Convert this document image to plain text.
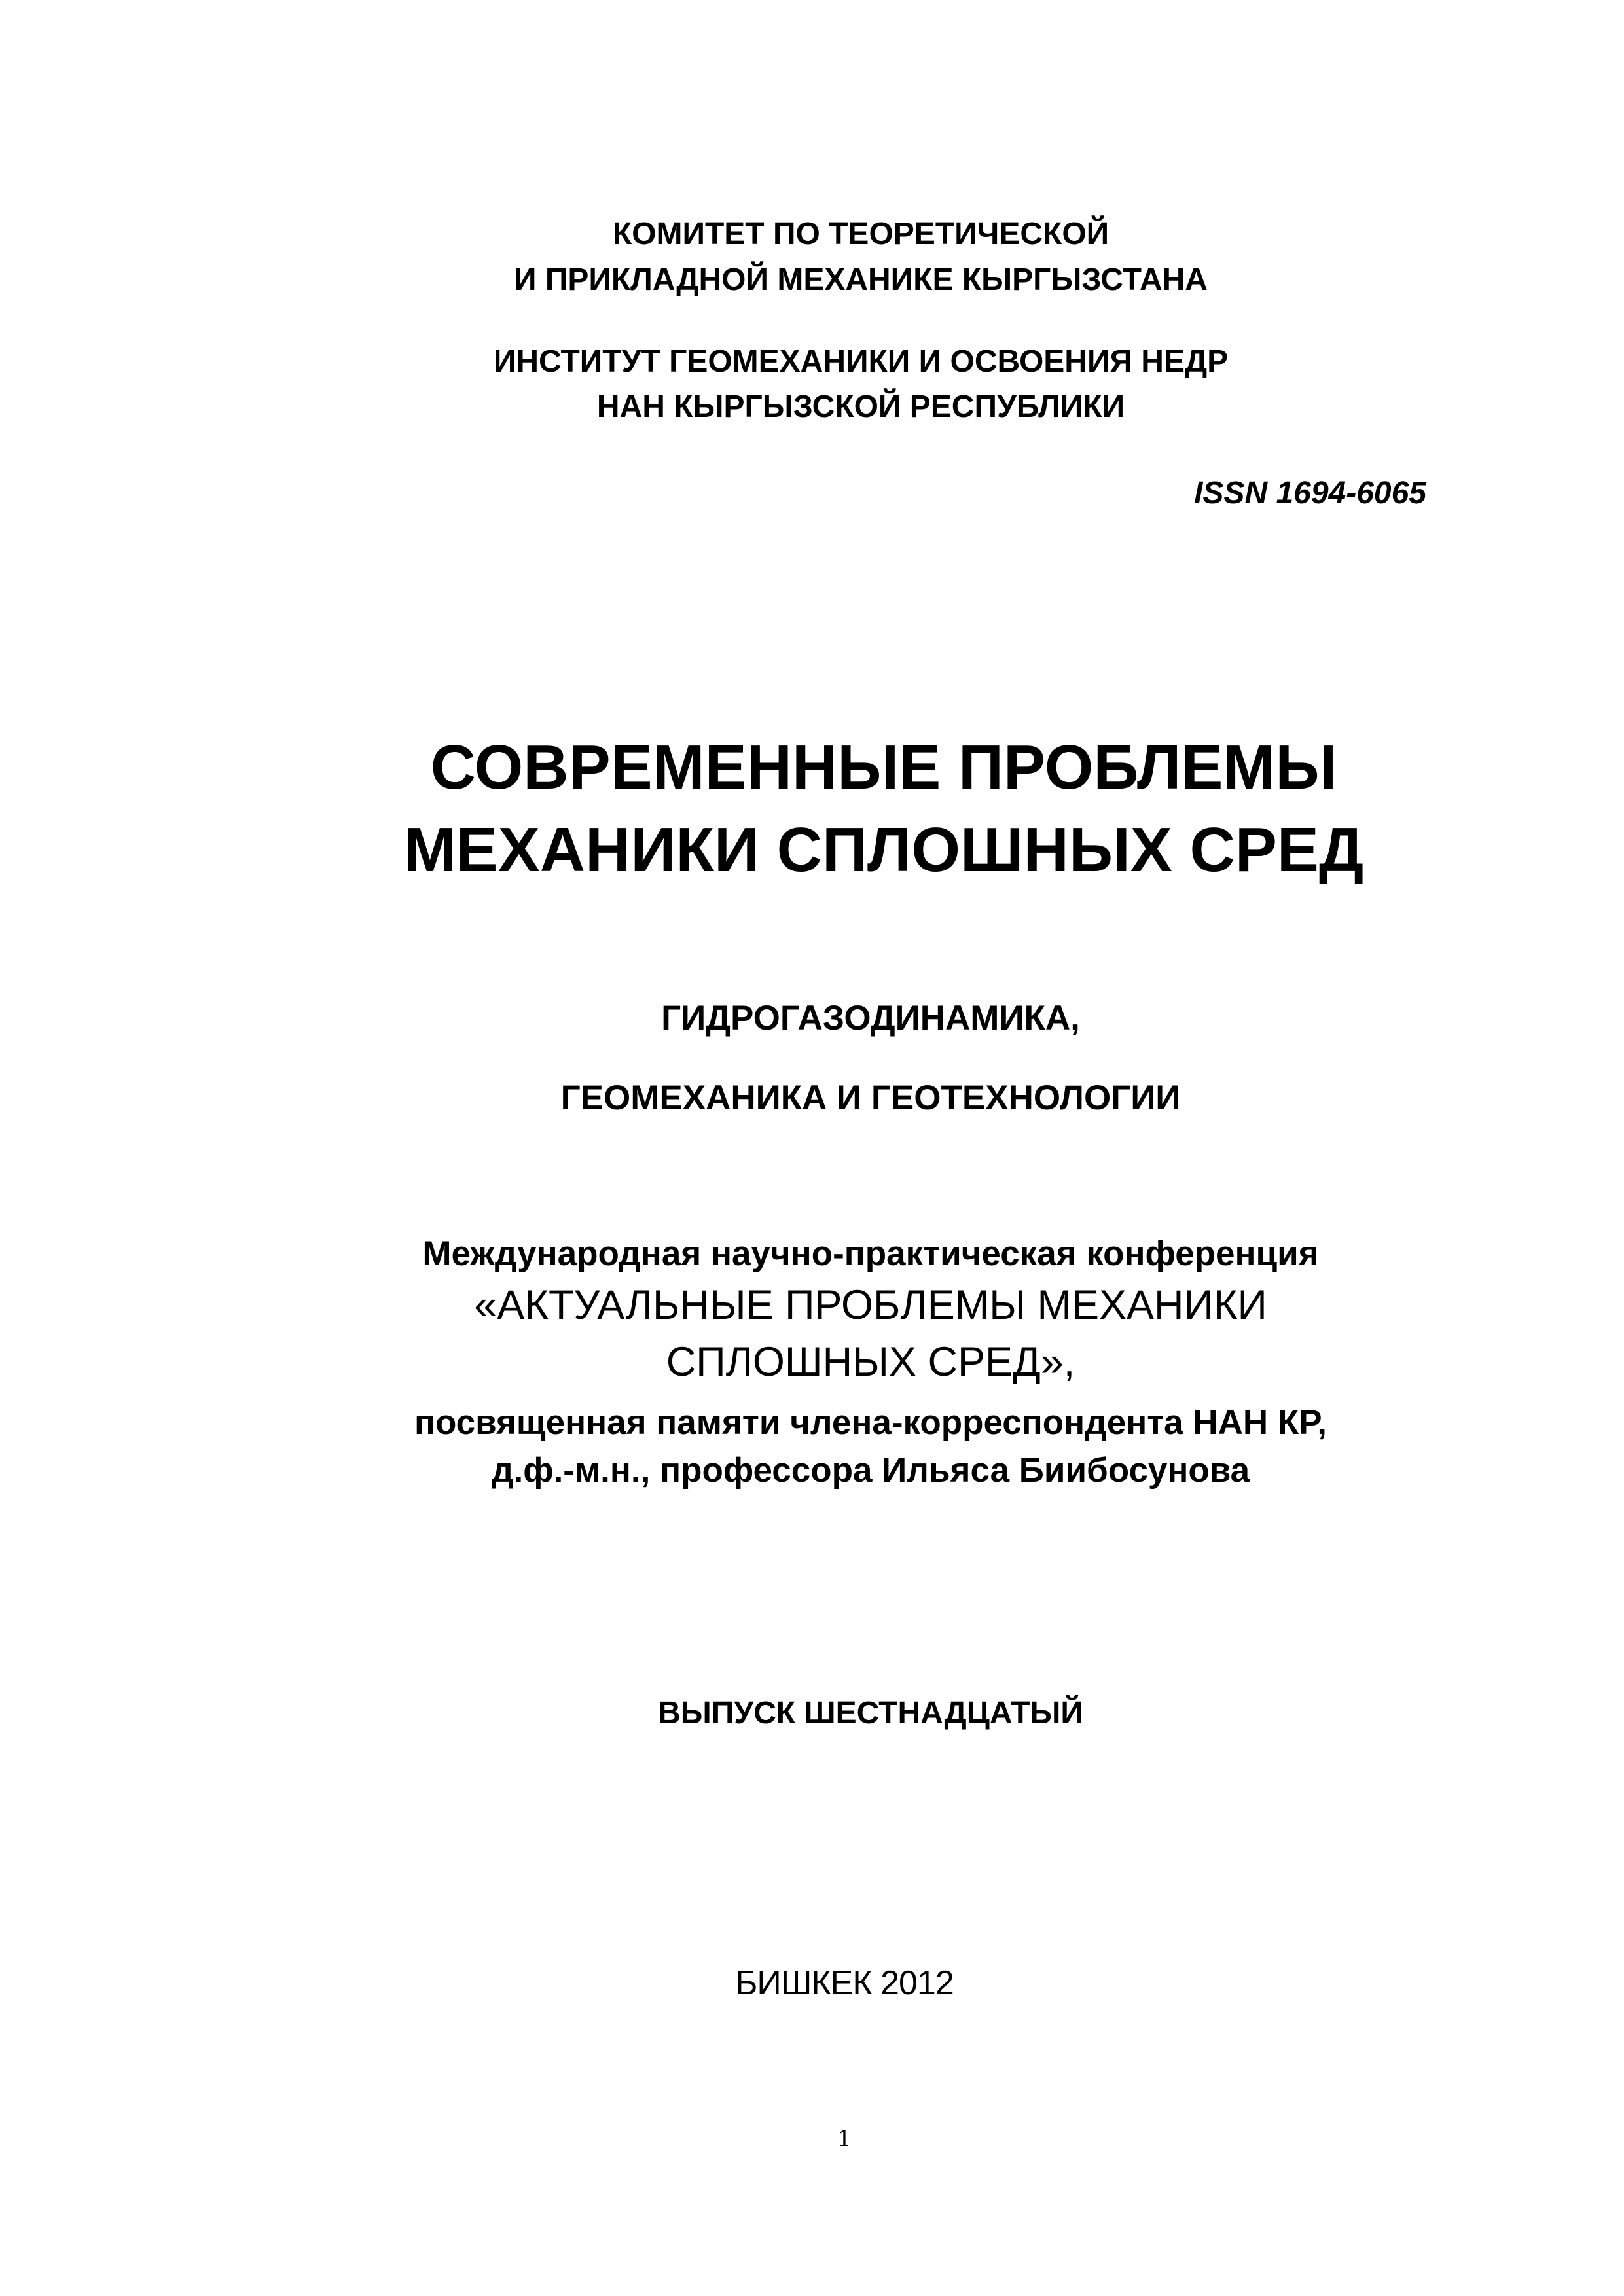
КОМИТЕТ ПО ТЕОРЕТИЧЕСКОЙ
И ПРИКЛАДНОЙ МЕХАНИКЕ КЫРГЫЗСТАНА
ИНСТИТУТ ГЕОМЕХАНИКИ И ОСВОЕНИЯ НЕДР
НАН КЫРГЫЗСКОЙ РЕСПУБЛИКИ
ISSN 1694-6065
СОВРЕМЕННЫЕ ПРОБЛЕМЫ
МЕХАНИКИ СПЛОШНЫХ СРЕД
ГИДРОГАЗОДИНАМИКА,
ГЕОМЕХАНИКА И ГЕОТЕХНОЛОГИИ
Международная научно-практическая конференция
«АКТУАЛЬНЫЕ ПРОБЛЕМЫ МЕХАНИКИ
СПЛОШНЫХ СРЕД»,
посвященная памяти члена-корреспондента НАН КР,
д.ф.-м.н., профессора Ильяса Биибосунова
ВЫПУСК ШЕСТНАДЦАТЫЙ
БИШКЕК 2012
1
